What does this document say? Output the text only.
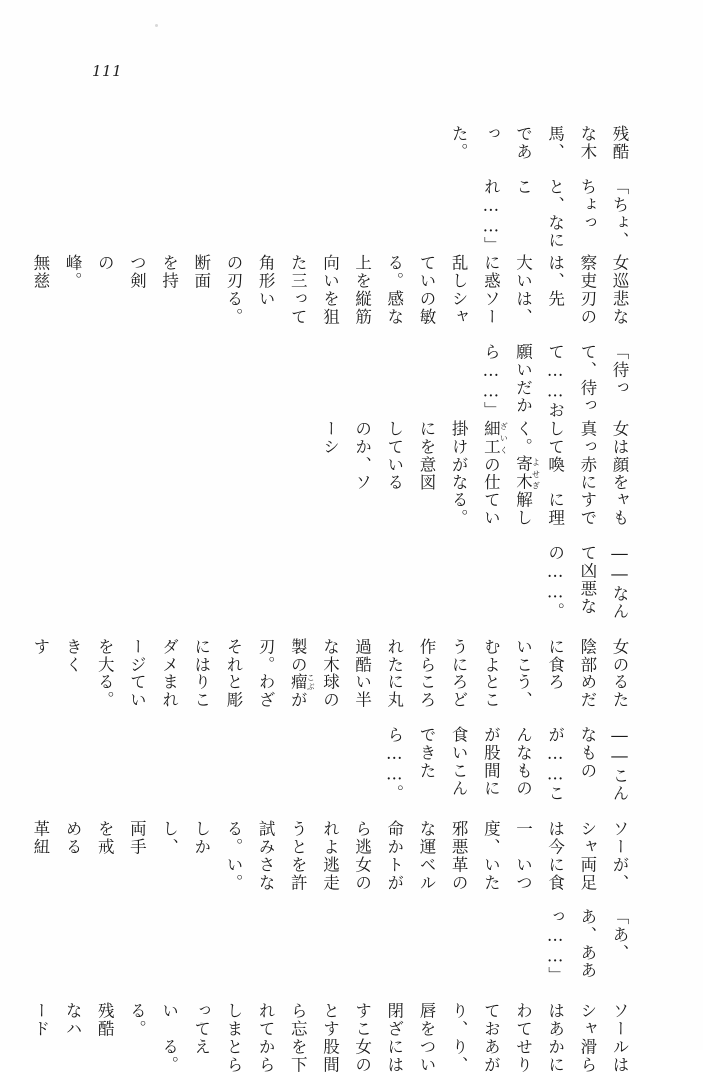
111

残酷な木馬、であった。

「ちょ、ちょっと、なにこれ……」

女巡察吏は、大いに惑乱している。上を向いた三角形の刃断面を持つ剣の峰。無慈

悲な刃の先は、ソーシャの敏感な縦筋を狙っている。

「待って、待って……お願いだから……」

女は顔を真っ赤にして喚く。寄木 よせぎ細工 ざいくの仕掛けがなにを意図しているのか、ソーシ

ャもすでに理解している。

――なんて凶悪なの……。

女の陰部に食いこむように作られた過酷な木製の刃。それにはダメージを大きくす

るためだろう、ところどころに丸い半球の瘤 こぶがわざと彫りこまれている。

――こんなものが……こんなものが股間に食いこんできたら……。

ソーシャは今一度、邪悪な運命から逃れようと試みる。しかし、両手を戒める革紐

が、両足に食いついた革のベルトが女の逃走を許さない。

「あ、あ、ああっ……」

ソーシャはあわてており、唇を閉ざすことすら忘れてしまっている。残酷なハード

ルは滑らかにせりあがり、ついには女の股間を下からとらえる。
